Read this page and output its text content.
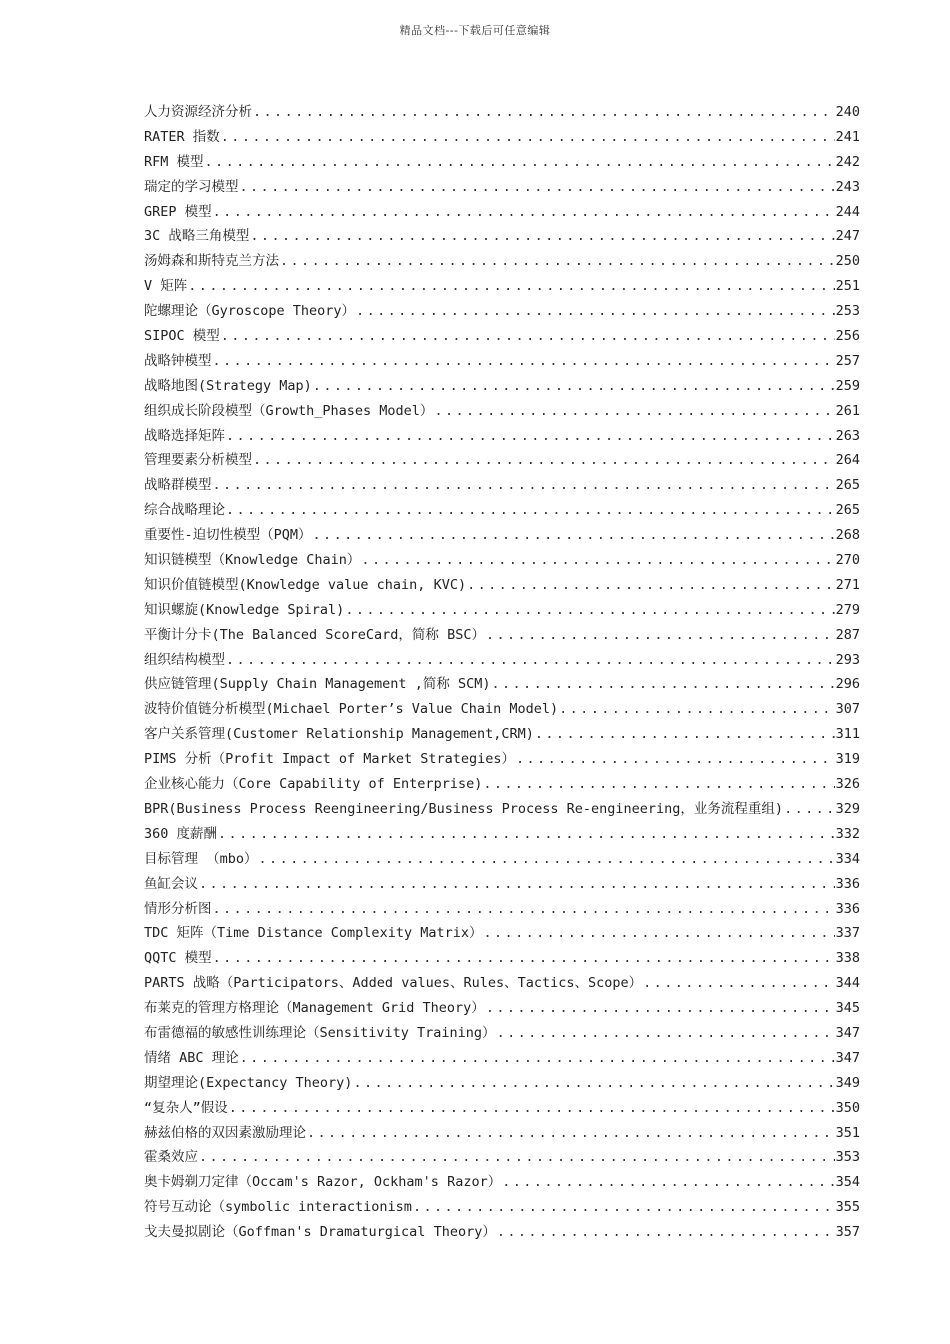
精品文档---下载后可任意编辑
人力资源经济分析 .....	240
RATER 指数 .....	241
RFM 模型 .....	242
瑞定的学习模型 .....	243
GREP 模型 .....	244
3C 战略三角模型 .....	247
汤姆森和斯特克兰方法 .....	250
V 矩阵 .....	251
陀螺理论（Gyroscope Theory） .....	253
SIPOC 模型 .....	256
战略钟模型 .....	257
战略地图(Strategy Map) .....	259
组织成长阶段模型（Growth_Phases Model） .....	261
战略选择矩阵 .....	263
管理要素分析模型 .....	264
战略群模型 .....	265
综合战略理论 .....	265
重要性-迫切性模型（PQM） .....	268
知识链模型（Knowledge Chain） .....	270
知识价值链模型(Knowledge value chain, KVC) .....	271
知识螺旋(Knowledge Spiral) .....	279
平衡计分卡(The Balanced ScoreCard，简称 BSC） .....	287
组织结构模型 .....	293
供应链管理(Supply Chain Management ,简称 SCM) .....	296
波特价值链分析模型(Michael Porter’s Value Chain Model) .....	307
客户关系管理(Customer Relationship Management,CRM) .....	311
PIMS 分析（Profit Impact of Market Strategies） .....	319
企业核心能力（Core Capability of Enterprise) .....	326
BPR(Business Process Reengineering/Business Process Re-engineering，业务流程重组) .....	329
360 度薪酬 .....	332
目标管理 （mbo） .....	334
鱼缸会议 .....	336
情形分析图 .....	336
TDC 矩阵（Time Distance Complexity Matrix） .....	337
QQTC 模型 .....	338
PARTS 战略（Participators、Added values、Rules、Tactics、Scope） .....	344
布莱克的管理方格理论（Management Grid Theory） .....	345
布雷德福的敏感性训练理论（Sensitivity Training） .....	347
情绪 ABC 理论 .....	347
期望理论(Expectancy Theory) .....	349
“复杂人”假设 .....	350
赫兹伯格的双因素激励理论 .....	351
霍桑效应 .....	353
奥卡姆剃刀定律（Occam's Razor, Ockham's Razor） .....	354
符号互动论（symbolic interactionism .....	355
戈夫曼拟剧论（Goffman's Dramaturgical Theory） .....	357
